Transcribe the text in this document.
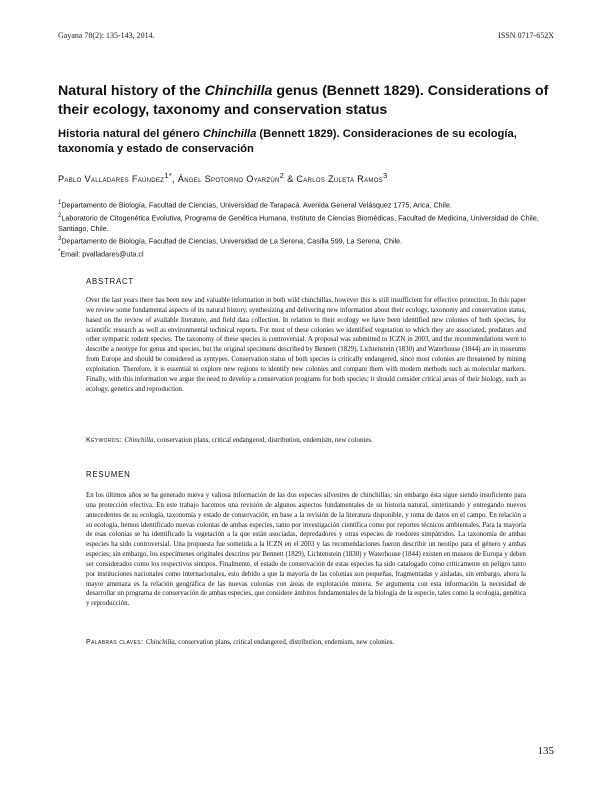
Gayana 78(2): 135-143, 2014.	ISSN 0717-652X
Natural history of the Chinchilla genus (Bennett 1829). Considerations of their ecology, taxonomy and conservation status
Historia natural del género Chinchilla (Bennett 1829). Consideraciones de su ecología, taxonomía y estado de conservación
Pablo Valladares Faúndez$^{1*}$, Ángel Spotorno Oyarzún$^2$ & Carlos Zuleta Ramos$^3$

$^1$Departamento de Biología, Facultad de Ciencias, Universidad de Tarapacá. Avenida General Velásquez 1775, Arica, Chile.

$^2$Laboratorio de Citogenética Evolutiva, Programa de Genética Humana, Instituto de Ciencias Biomédicas, Facultad de Medicina, Universidad de Chile, Santiago, Chile.

$^3$Departamento de Biología, Facultad de Ciencias, Universidad de La Serena, Casilla 599, La Serena, Chile.

*Email: pvalladares@uta.cl

ABSTRACT
Over the last years there has been new and valuable information in both wild chinchillas, however this is still insufficient for effective protection. In this paper we review some fundamental aspects of its natural history, synthesizing and delivering new information about their ecology, taxonomy and conservation status, based on the review of available literature, and field data collection. In relation to their ecology we have been identified new colonies of both species, for scientific research as well as environmental technical reports. For most of these colonies we identified vegetation to which they are associated, predators and other sympatric rodent species. The taxonomy of these species is controversial. A proposal was submitted to ICZN in 2003, and the recommendations were to describe a neotype for genus and species, but the original specimens described by Bennett (1829), Lichtenstein (1830) and Waterhouse (1844) are in museums from Europe and should be considered as syntypes. Conservation status of both species is critically endangered, since most colonies are threatened by mining exploitation. Therefore, it is essential to explore new regions to identify new colonies and compare them with modern methods such as molecular markers. Finally, with this information we argue the need to develop a conservation programs for both species; it should consider critical areas of their biology, such as ecology, genetics and reproduction.
Keywords: Chinchilla, conservation plans, critical endangered, distribution, endemism, new colonies.
RESUMEN
En los últimos años se ha generado nueva y valiosa información de las dos especies silvestres de chinchillas; sin embargo ésta sigue siendo insuficiente para una protección efectiva. En este trabajo hacemos una revisión de algunos aspectos fundamentales de su historia natural, sintetizando y entregando nuevos antecedentes de su ecología, taxonomía y estado de conservación, en base a la revisión de la literatura disponible, y toma de datos en el campo. En relación a su ecología, hemos identificado nuevas colonias de ambas especies, tanto por investigación científica como por reportes técnicos ambientales. Para la mayoría de esas colonias se ha identificado la vegetación a la que están asociadas, depredadores y otras especies de roedores simpátridos. La taxonomía de ambas especies ha sido controversial. Una propuesta fue sometida a la ICZN en el 2003 y las recomendaciones fueron describir un neotipo para el género y ambas especies; sin embargo, los especímenes originales descritos por Bennett (1829), Lichtenstein (1830) y Waterhouse (1844) existen en museos de Europa y deben ser considerados como los respectivos sintipos. Finalmente, el estado de conservación de estas especies ha sido catalogado como críticamente en peligro tanto por instituciones nacionales como internacionales, esto debido a que la mayoría de las colonias son pequeñas, fragmentadas y aisladas, sin embargo, ahora la mayor amenaza es la relación geográfica de las nuevas colonias con áreas de explotación minera. Se argumenta con esta información la necesidad de desarrollar un programa de conservación de ambas especies, que considere ámbitos fundamentales de la biología de la especie, tales como la ecología, genética y reproducción.
Palabras claves: Chinchilla, conservation plans, critical endangered, distribution, endemism, new colonies.
135
